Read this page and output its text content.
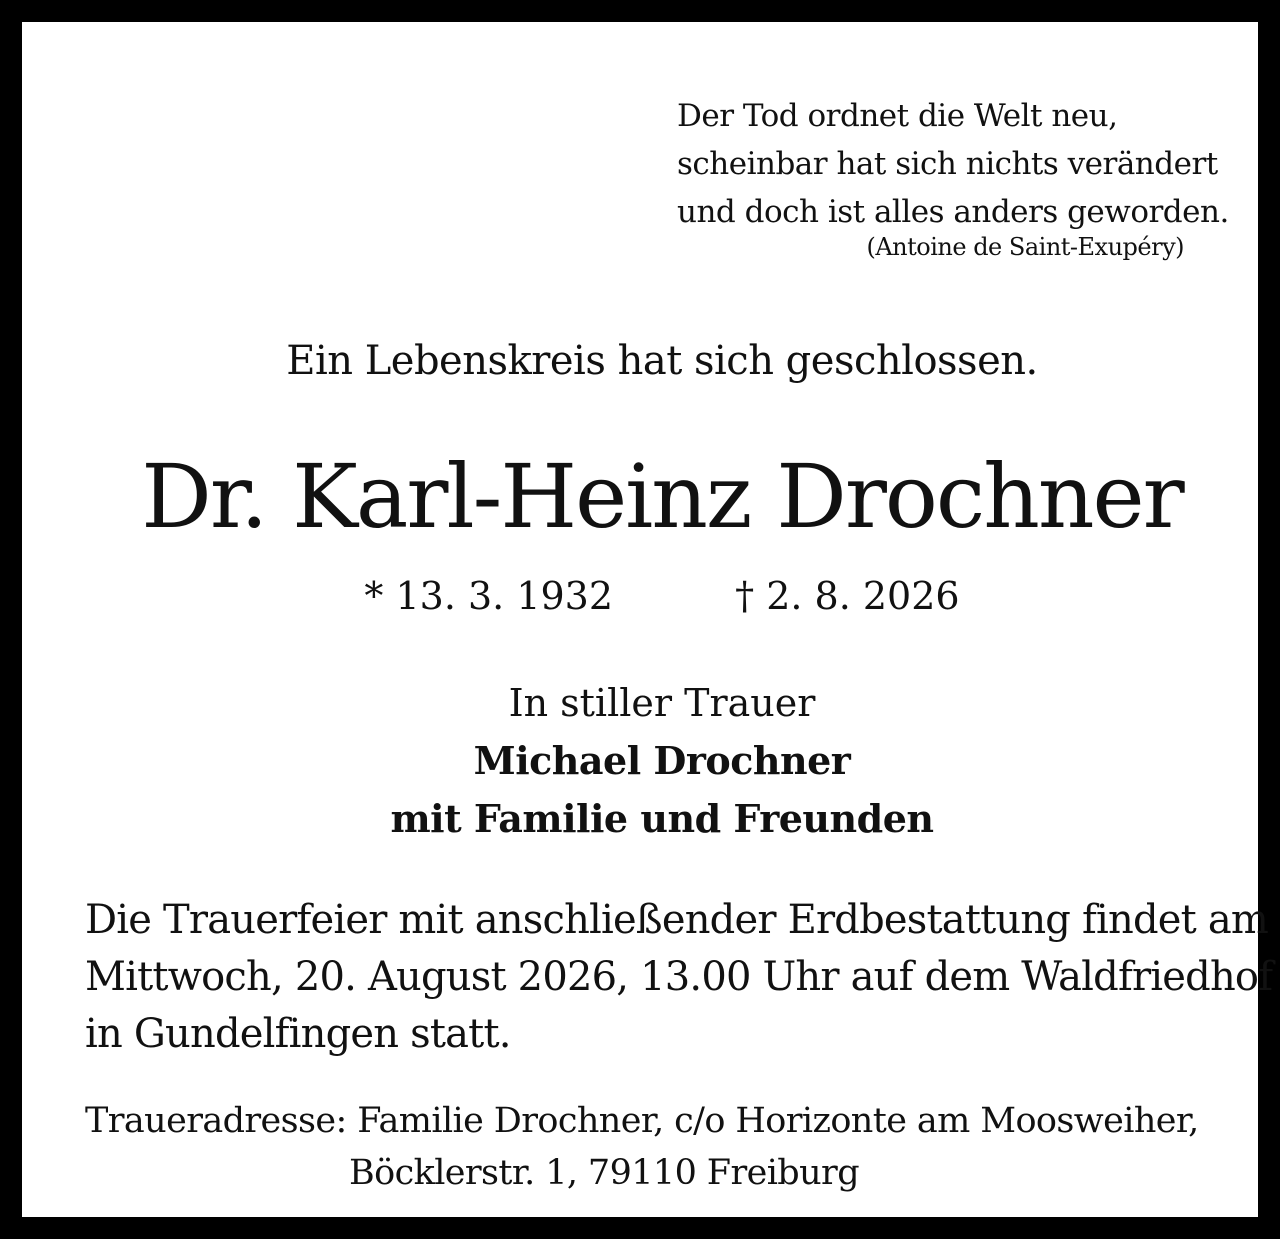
Der Tod ordnet die Welt neu,
scheinbar hat sich nichts verändert
und doch ist alles anders geworden.
(Antoine de Saint-Exupéry)
Ein Lebenskreis hat sich geschlossen.
Dr. Karl-Heinz Drochner
* 13. 3. 1932	† 2. 8. 2026
In stiller Trauer
Michael Drochner
mit Familie und Freunden
Die Trauerfeier mit anschließender Erdbestattung findet am
Mittwoch, 20. August 2026, 13.00 Uhr auf dem Waldfriedhof
in Gundelfingen statt.
Traueradresse: Familie Drochner, c/o Horizonte am Moosweiher,
Böcklerstr. 1, 79110 Freiburg
